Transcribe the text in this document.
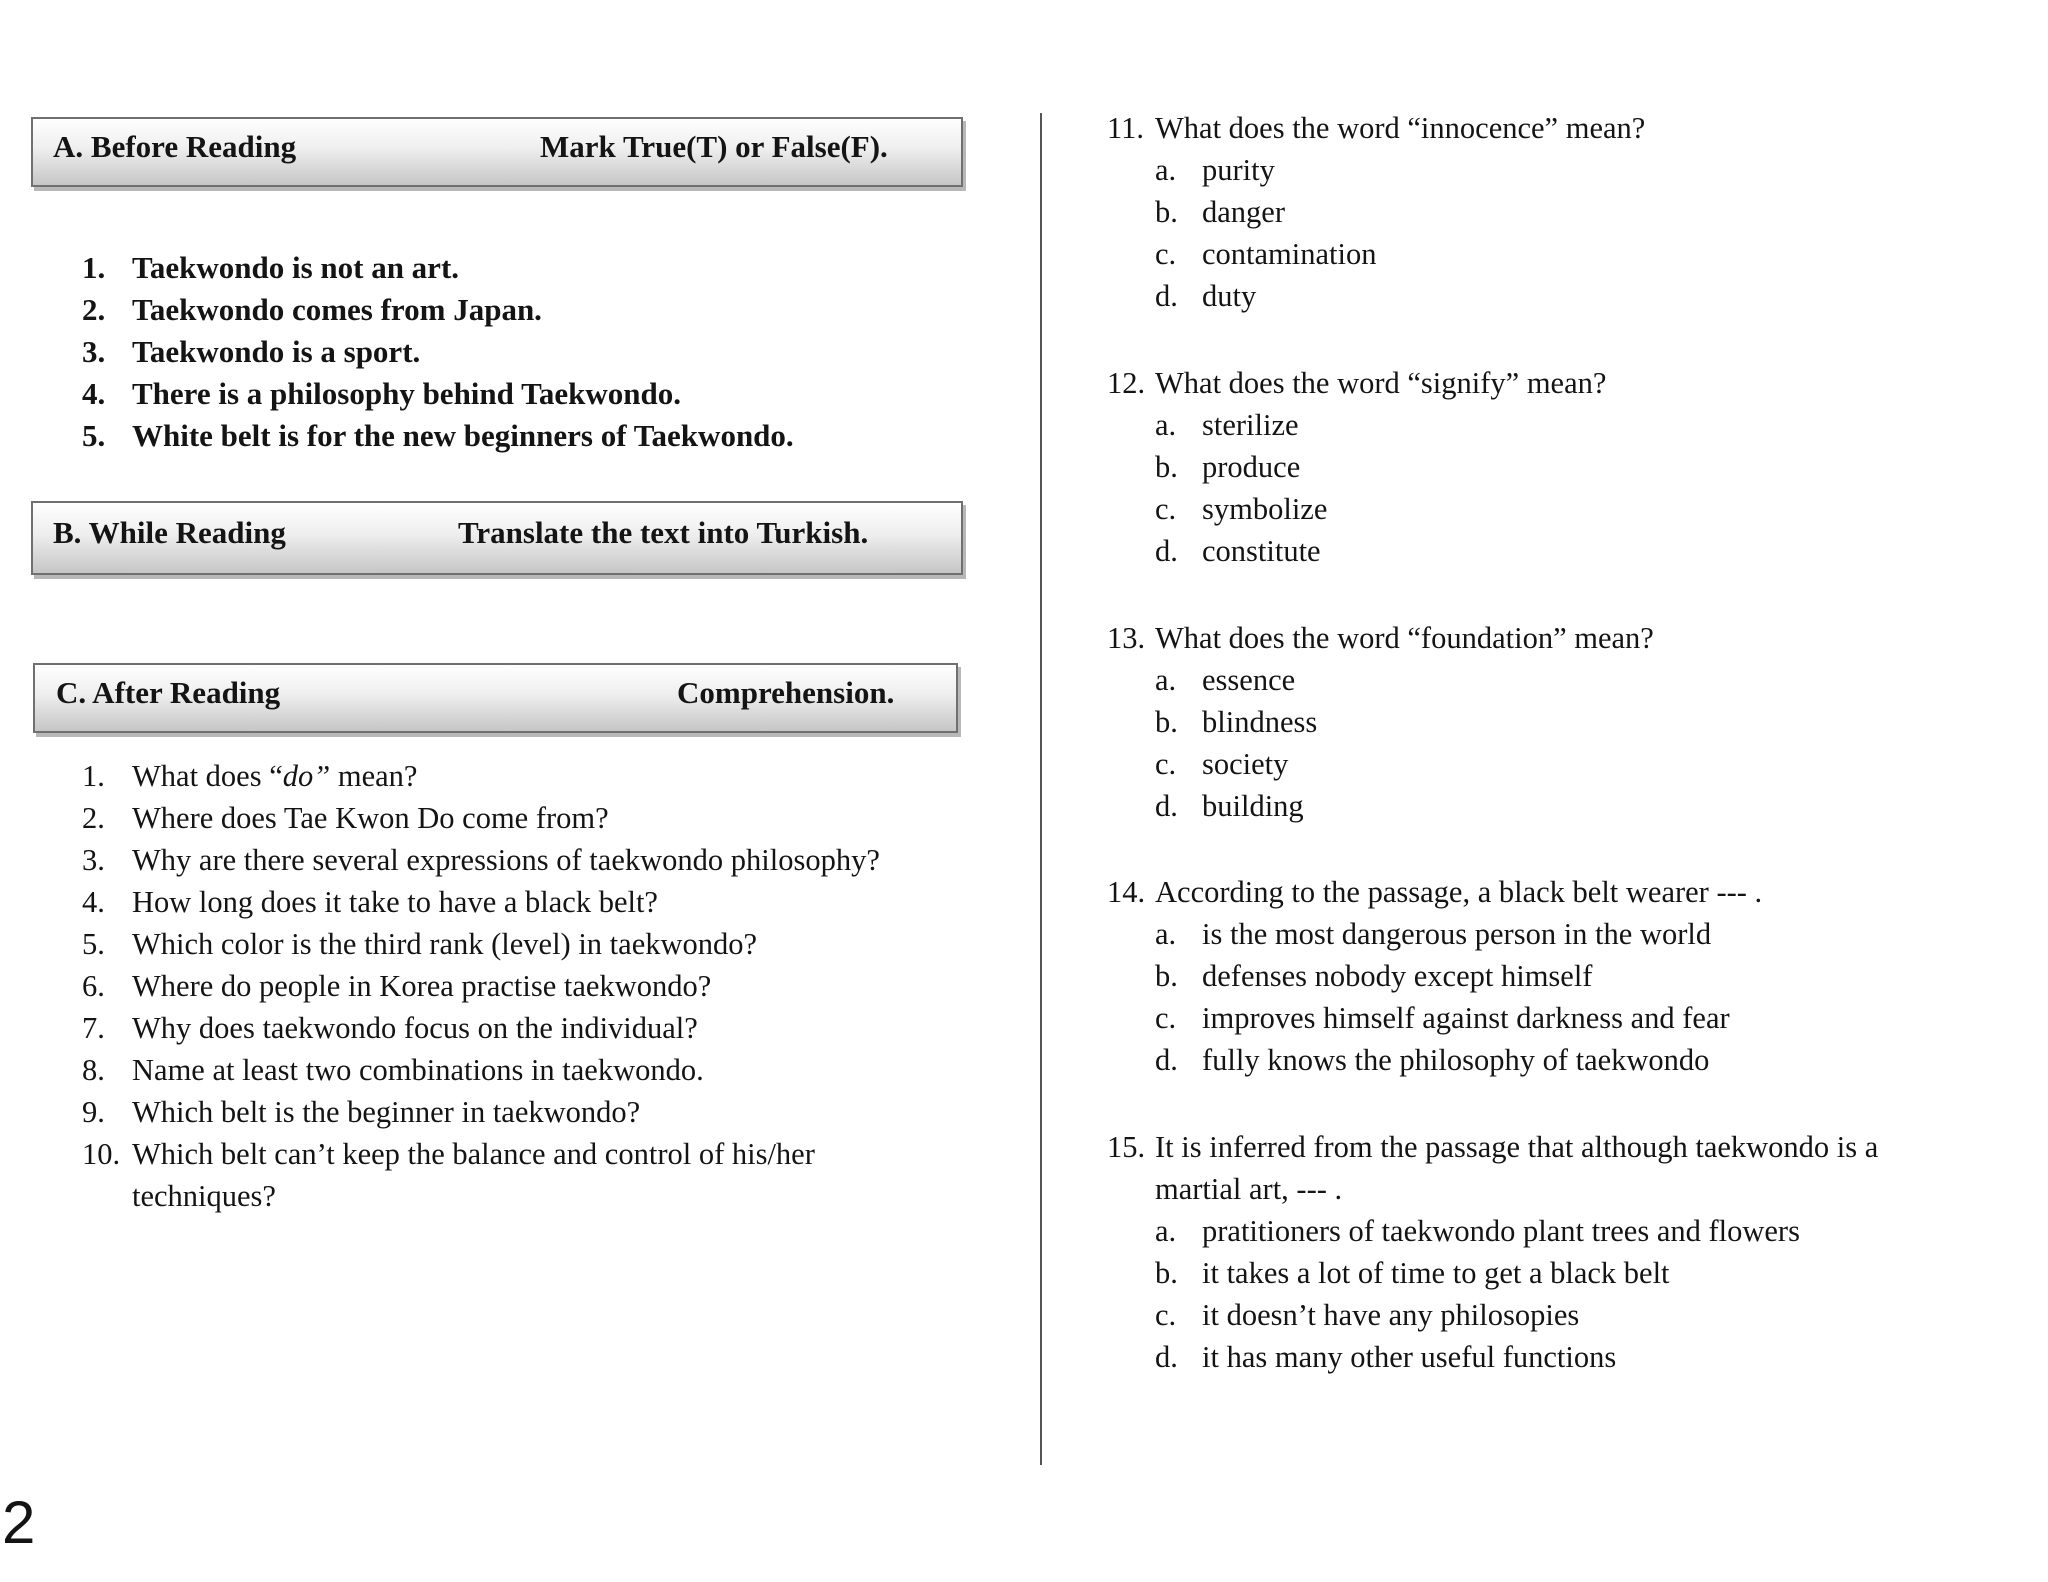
A. Before Reading	Mark True(T) or False(F).
1. Taekwondo is not an art.
2. Taekwondo comes from Japan.
3. Taekwondo is a sport.
4. There is a philosophy behind Taekwondo.
5. White belt is for the new beginners of Taekwondo.
B. While Reading	Translate the text into Turkish.
C. After Reading	Comprehension.
1. What does “do” mean?
2. Where does Tae Kwon Do come from?
3. Why are there several expressions of taekwondo philosophy?
4. How long does it take to have a black belt?
5. Which color is the third rank (level) in taekwondo?
6. Where do people in Korea practise taekwondo?
7. Why does taekwondo focus on the individual?
8. Name at least two combinations in taekwondo.
9. Which belt is the beginner in taekwondo?
10. Which belt can’t keep the balance and control of his/her
techniques?
11.What does the word “innocence” mean?
a. purity
b. danger
c. contamination
d. duty
12. What does the word “signify” mean?
a. sterilize
b. produce
c. symbolize
d. constitute
13. What does the word “foundation” mean?
a. essence
b. blindness
c. society
d. building
14. According to the passage, a black belt wearer --- .
a. is the most dangerous person in the world
b. defenses nobody except himself
c. improves himself against darkness and fear
d. fully knows the philosophy of taekwondo
15. It is inferred from the passage that although taekwondo is a
martial art, --- .
a. pratitioners of taekwondo plant trees and flowers
b. it takes a lot of time to get a black belt
c. it doesn’t have any philosopies
d. it has many other useful functions
2
